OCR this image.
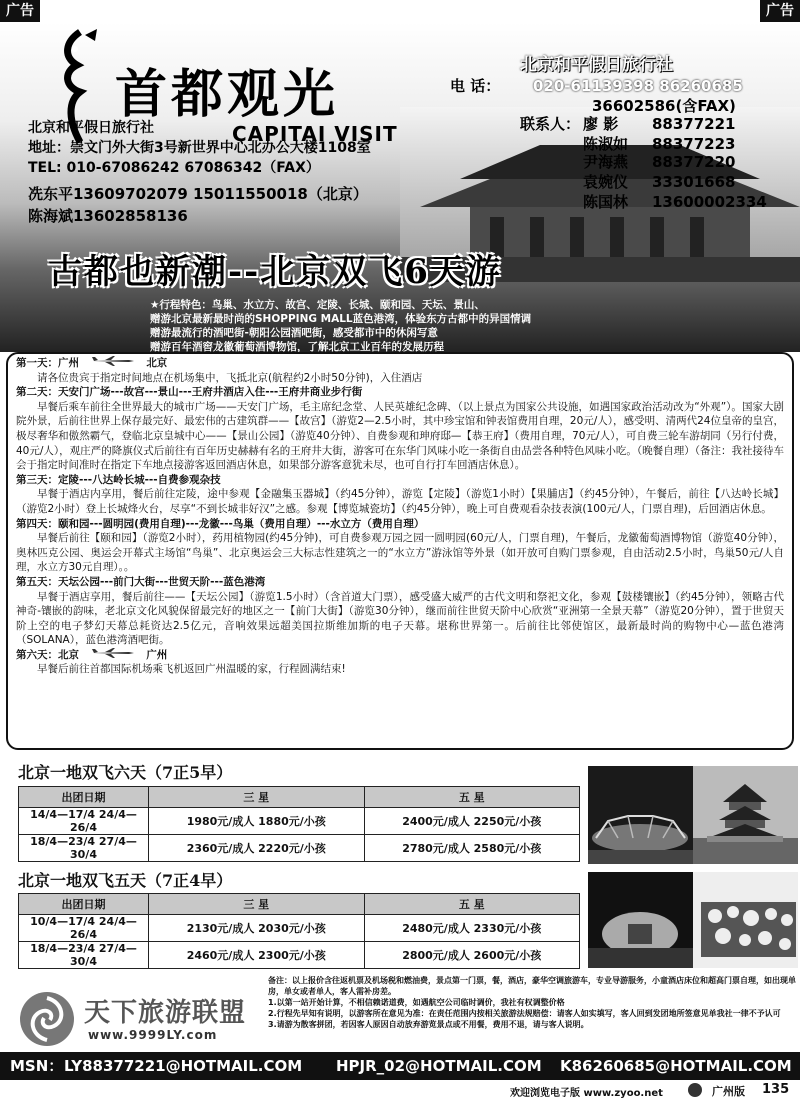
广告	广告
首都观光
CAPITAI VISIT
北京和平假日旅行社
北京和平假日旅行社
地址：崇文门外大街3号新世界中心北办公大楼1108室
TEL: 010-67086242 67086342（FAX）
冼东平13609702079 15011550018（北京）
陈海斌13602858136
电 话： 020-61139398 86260685
36602586(含FAX)
联系人： 廖 影 88377221
陈淑如 88377223
尹海燕 88377220
袁婉仪 33301668
陈国林 13600002334
古都也新潮--北京双飞6天游
★行程特色：鸟巢、水立方、故宫、定陵、长城、颐和园、天坛、景山、
赠游北京最新最时尚的SHOPPING MALL蓝色港湾，体验东方古都中的异国情调
赠游最流行的酒吧街-朝阳公园酒吧街，感受都市中的休闲写意
赠游百年酒窖龙徽葡萄酒博物馆，了解北京工业百年的发展历程
第一天：广州	北京
请各位贵宾于指定时间地点在机场集中，飞抵北京(航程约2小时50分钟)，入住酒店
第二天：天安门广场---故宫---景山---王府井酒店入住---王府井商业步行街
早餐后乘车前往全世界最大的城市广场——天安门广场，毛主席纪念堂、人民英雄纪念碑、（以上景点为国家公共设施，如遇国家政治活动改为“外观”）。国家大剧院外景，后前往世界上保存最完好、最宏伟的古建筑群——【故宫】（游览2—2.5小时，其中珍宝馆和钟表馆费用自理，20元/人），感受明、清两代24位皇帝的皇宫，极尽奢华和傲然霸气，登临北京皇城中心——【景山公园】（游览40分钟）、自费参观和珅府邸—【恭王府】（费用自理，70元/人），可自费三轮车游胡同（另行付费，40元/人），观庄严的降旗仪式后前往有百年历史赫赫有名的王府井大街，游客可在东华门风味小吃一条街自由品尝各种特色风味小吃。（晚餐自理）（备注：我社接待车会于指定时间准时在指定下车地点接游客返回酒店休息，如果部分游客意犹未尽，也可自行打车回酒店休息）。
第三天：定陵---八达岭长城---自费参观杂技
早餐于酒店内享用，餐后前往定陵，途中参观【金融集玉器城】（约45分钟），游览【定陵】（游览1小时）【果脯店】（约45分钟），午餐后，前往【八达岭长城】（游览2小时）登上长城烽火台，尽享“不到长城非好汉”之感。参观【博览城瓷坊】（约45分钟），晚上可自费观看杂技表演(100元/人，门票自理)，后回酒店休息。
第四天：颐和园---圆明园(费用自理)---龙徽---鸟巢（费用自理）---水立方（费用自理）
早餐后前往【颐和园】（游览2小时），药用植物园(约45分钟)，可自费参观万园之园一圆明园(60元/人，门票自理)，午餐后，龙徽葡萄酒博物馆（游览40分钟），奥林匹克公园、奥运会开幕式主场馆“鸟巢”、北京奥运会三大标志性建筑之一的“水立方”游泳馆等外景（如开放可自购门票参观，自由活动2.5小时，鸟巢50元/人自理，水立方30元自理）。。
第五天：天坛公园---前门大街---世贸天阶---蓝色港湾
早餐于酒店享用，餐后前往——【天坛公园】（游览1.5小时）（含首道大门票），感受盛大威严的古代文明和祭祀文化，参观【鼓楼镶嵌】（约45分钟），领略古代神奇-镶嵌的韵味，老北京文化风貌保留最完好的地区之一【前门大街】（游览30分钟），继而前往世贸天阶中心欣赏“亚洲第一全景天幕”（游览20分钟），置于世贸天阶上空的电子梦幻天幕总耗资达2.5亿元，音响效果远超美国拉斯维加斯的电子天幕。堪称世界第一。后前往比邻使馆区，最新最时尚的购物中心—蓝色港湾（SOLANA），蓝色港湾酒吧街。
第六天：北京	广州
早餐后前往首都国际机场乘飞机返回广州温暖的家，行程圆满结束!
北京一地双飞六天（7正5早）
出团日期	三 星	五 星
14/4—17/4 24/4—26/4	1980元/成人 1880元/小孩	2400元/成人 2250元/小孩
18/4—23/4 27/4—30/4	2360元/成人 2220元/小孩	2780元/成人 2580元/小孩
北京一地双飞五天（7正4早）
出团日期	三 星	五 星
10/4—17/4 24/4—26/4	2130元/成人 2030元/小孩	2480元/成人 2330元/小孩
18/4—23/4 27/4—30/4	2460元/成人 2300元/小孩	2800元/成人 2600元/小孩
天下旅游联盟
www.9999LY.com
备注：以上报价含往返机票及机场税和燃油费，景点第一门票，餐，酒店，豪华空调旅游车，专业导游服务，小童酒店床位和超高门票自理，如出现单房，单女或者单人，客人需补房差。
1.以第一站开始计算，不相信赖诺道费，如遇航空公司临时调价，我社有权调整价格
2.行程先早知有说明，以游客所在意见为准：在责任范围内按相关旅游法规赔偿：请客人如实填写，客人回到发团地所签意见单我社一律不予认可
3.请游为散客拼团，若因客人原因自动放弃游览景点或不用餐，费用不退，请与客人说明。
MSN： LY88377221@HOTMAIL.COM HPJR_02@HOTMAIL.COM K86260685@HOTMAIL.COM
欢迎浏览电子版 www.zyoo.net	广州版 135
